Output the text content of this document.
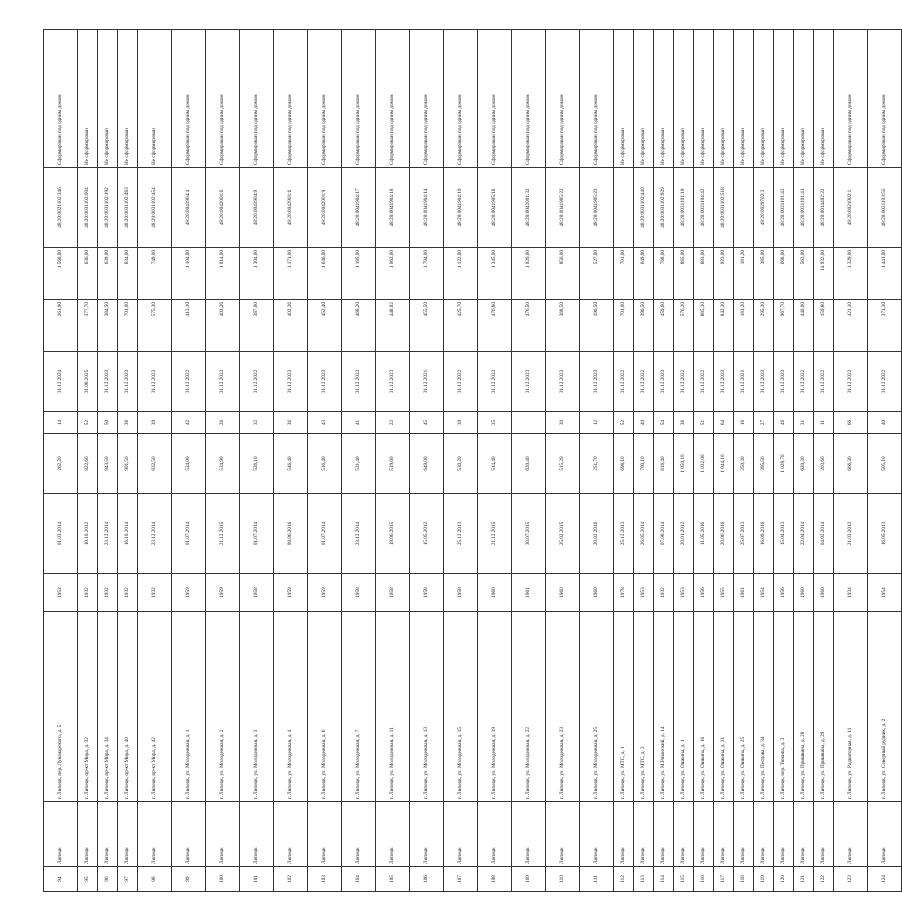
94	Липецк	г. Липецк, пер. Луначарского, д. 5	1952	01.03.2014	262,20	14	31.12.2024	261,90	1 568,00	48:20:0021102:346	Сформирован под одним домом
95	Липецк	г. Липецк, пр-кт Мира, д. 32	1932	10.10.2012	822,60	52	31.08.2025	377,70	636,00	48:20:0031102:004	Не сформирован
96	Липецк	г. Липецк, пр-кт Мира, д. 34	1932	23.12.2014	843,50	50	31.12.2023	384,50	639,00	48:20:0031102:192	Не сформирован
97	Липецк	г. Липецк, пр-кт Мира, д. 40	1932	16.10.2014	901,50	38	31.12.2023	701,00	834,00	48:20:0031102:483	Не сформирован
98	Липецк	г. Липецк, пр-кт Мира, д. 42	1932	23.12.2014	832,50	39	31.12.2023	575,30	749,00	48:20:0031102:454	Не сформирован
99	Липецк	г. Липецк, ул. Молодежная, д. 1	1959	01.07.2014	534,00	42	31.12.2022	413,10	1 104,00	48:20:0041904:4	Сформирован под одним домом
100	Липецк	г. Липецк, ул. Молодежная, д. 2	1959	21.12.2015	534,90	26	31.12.2023	403,26	1 014,00	48:20:0042001:6	Сформирован под одним домом
101	Липецк	г. Липецк, ул. Молодежная, д. 3	1958	01.07.2014	526,10	32	31.12.2022	387,00	1 304,00	48:20:0041904:9	Сформирован под одним домом
102	Липецк	г. Липецк, ул. Молодежная, д. 4	1959	09.06.2016	546,40	36	31.12.2023	402,26	1 171,00	48:20:0042001:6	Сформирован под одним домом
103	Липецк	г. Липецк, ул. Молодежная, д. 6	1959	01.07.2014	516,40	43	31.12.2023	452,40	1 646,00	48:20:0042001:9	Сформирован под одним домом
104	Липецк	г. Липецк, ул. Молодежная, д. 7	1958	23.12.2014	521,40	41	31.12.2023	468,20	1 185,00	48:20:0041904:17	Сформирован под одним домом
105	Липецк	г. Липецк, ул. Молодежная, д. 11	1958	19.06.2015	519,60	22	31.12.2023	448,92	1 062,00	48:20:0041904:18	Сформирован под одним домом
106	Липецк	г. Липецк, ул. Молодежная, д. 13	1958	15.05.2012	649,00	45	31.12.2021	455,50	1 794,00	48:20:0041904:14	Сформирован под одним домом
107	Липецк	г. Липецк, ул. Молодежная, д. 15	1958	25.12.2013	530,20	39	31.12.2022	425,70	1 122,00	48:20:0041904:19	Сформирован под одним домом
108	Липецк	г. Липецк, ул. Молодежная, д. 19	1960	21.12.2015	514,40	35	31.12.2023	476,80	1 345,00	48:20:0041905:18	Сформирован под одним домом
109	Липецк	г. Липецк, ул. Молодежная, д. 22	1961	30.07.2015	620,40		31.12.2023	476,50	1 020,00	48:20:0042001:32	Сформирован под одним домом
110	Липецк	г. Липецк, ул. Молодежная, д. 23	1960	25.02.2015	515,20	30	31.12.2023	388,50	856,00	48:20:0041905:22	Сформирован под одним домом
111	Липецк	г. Липецк, ул. Молодежная, д. 25	1960	20.02.2016	251,70	12	31.12.2023	196,50	527,00	48:20:0041905:23	Сформирован под одним домом
112	Липецк	г. Липецк, ул. МТС, д. 1	1978	25.12.2013	698,10	52	31.12.2022	701,00	701,00		Не сформирован
113	Липецк	г. Липецк, ул. МТС, д. 2	1953	26.05.2014	700,10	40	31.12.2022	396,50	649,90	48:20:0031102:440	Не сформирован
114	Липецк	г. Липецк, ул. М.Рязанский, д. 14	1932	07.08.2014	816,40	54	31.12.2023	459,60	768,00	48:20:0031102:929	Не сформирован
115	Липецк	г. Липецк, ул. Ошкина, д. 1	1953	20.01.2012	1 050,10	38	31.12.2022	576,20	885,00	48:20:0031101:19	Не сформирован
116	Липецк	г. Липецк, ул. Ошкина, д. 16	1956	11.05.2016	1 032,00	51	31.12.2022	885,30	883,00	48:20:0031104:42	Не сформирован
117	Липецк	г. Липецк, ул. Ошкина, д. 21	1955	20.06.2016	1 044,10	64	31.12.2023	842,30	923,00	48:20:0031102:518	Не сформирован
118	Липецк	г. Липецк, ул. Ошкина, д. 25	1961	25.07.2013	250,30	16	31.12.2021	181,20	181,20		Не сформирован
119	Липецк	г. Липецк, ул. Песцова, д. 34	1954	16.09.2016	395,50	27	31.12.2023	295,30	385,00	48:20:0029702:3	Не сформирован
120	Липецк	г. Липецк, пер. Тюкина, д. 3	1956	15.04.2013	1 028,70	46	31.12.2023	967,70	668,00	48:20:0031101:43	Не сформирован
121	Липецк	г. Липецк, ул. Пришвина, д. 28	1960	22.04.2014	620,30	31	31.12.2022	440,00	563,00	48:20:0031101:41	Не сформирован
122	Липецк	г. Липецк, ул. Пришвина, д. 29	1960	04.02.2014	203,60	11	31.12.2022	159,80	14 932,00	48:20:0014402:22	Не сформирован
123	Липецк	г. Липецк, ул. Радиаторная, д. 11	1934	21.03.2013	666,30	66	31.12.2022	421,10	1 329,00	48:20:0021002:1	Сформирован под одним домом
124	Липецк	г. Липецк, ул. Северный рудник, д. 2	1954	16.05.2013	505,10	40	31.12.2022	371,30	1 441,00	48:20:0021103:55	Сформирован под одним домом
